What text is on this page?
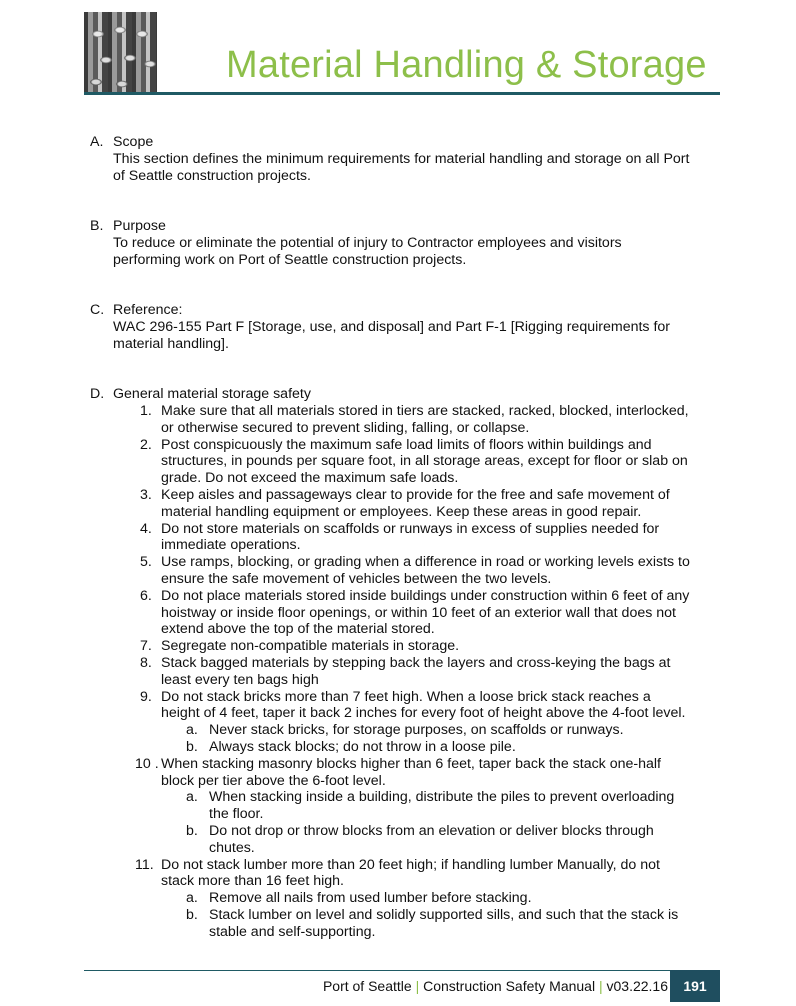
Material Handling & Storage
A. Scope
This section defines the minimum requirements for material handling and storage on all Port
of Seattle construction projects.
B. Purpose
To reduce or eliminate the potential of injury to Contractor employees and visitors
performing work on Port of Seattle construction projects.
C. Reference:
WAC 296-155 Part F [Storage, use, and disposal] and Part F-1 [Rigging requirements for
material handling].
D. General material storage safety
1. Make sure that all materials stored in tiers are stacked, racked, blocked, interlocked,
or otherwise secured to prevent sliding, falling, or collapse.
2. Post conspicuously the maximum safe load limits of floors within buildings and
structures, in pounds per square foot, in all storage areas, except for floor or slab on
grade. Do not exceed the maximum safe loads.
3. Keep aisles and passageways clear to provide for the free and safe movement of
material handling equipment or employees. Keep these areas in good repair.
4. Do not store materials on scaffolds or runways in excess of supplies needed for
immediate operations.
5. Use ramps, blocking, or grading when a difference in road or working levels exists to
ensure the safe movement of vehicles between the two levels.
6. Do not place materials stored inside buildings under construction within 6 feet of any
hoistway or inside floor openings, or within 10 feet of an exterior wall that does not
extend above the top of the material stored.
7. Segregate non-compatible materials in storage.
8. Stack bagged materials by stepping back the layers and cross-keying the bags at
least every ten bags high
9. Do not stack bricks more than 7 feet high. When a loose brick stack reaches a
height of 4 feet, taper it back 2 inches for every foot of height above the 4-foot level.
a. Never stack bricks, for storage purposes, on scaffolds or runways.
b. Always stack blocks; do not throw in a loose pile.
10 . When stacking masonry blocks higher than 6 feet, taper back the stack one-half
block per tier above the 6-foot level.
a. When stacking inside a building, distribute the piles to prevent overloading
the floor.
b. Do not drop or throw blocks from an elevation or deliver blocks through
chutes.
11. Do not stack lumber more than 20 feet high; if handling lumber Manually, do not
stack more than 16 feet high.
a. Remove all nails from used lumber before stacking.
b. Stack lumber on level and solidly supported sills, and such that the stack is
stable and self-supporting.
Port of Seattle | Construction Safety Manual | v03.22.16	191
